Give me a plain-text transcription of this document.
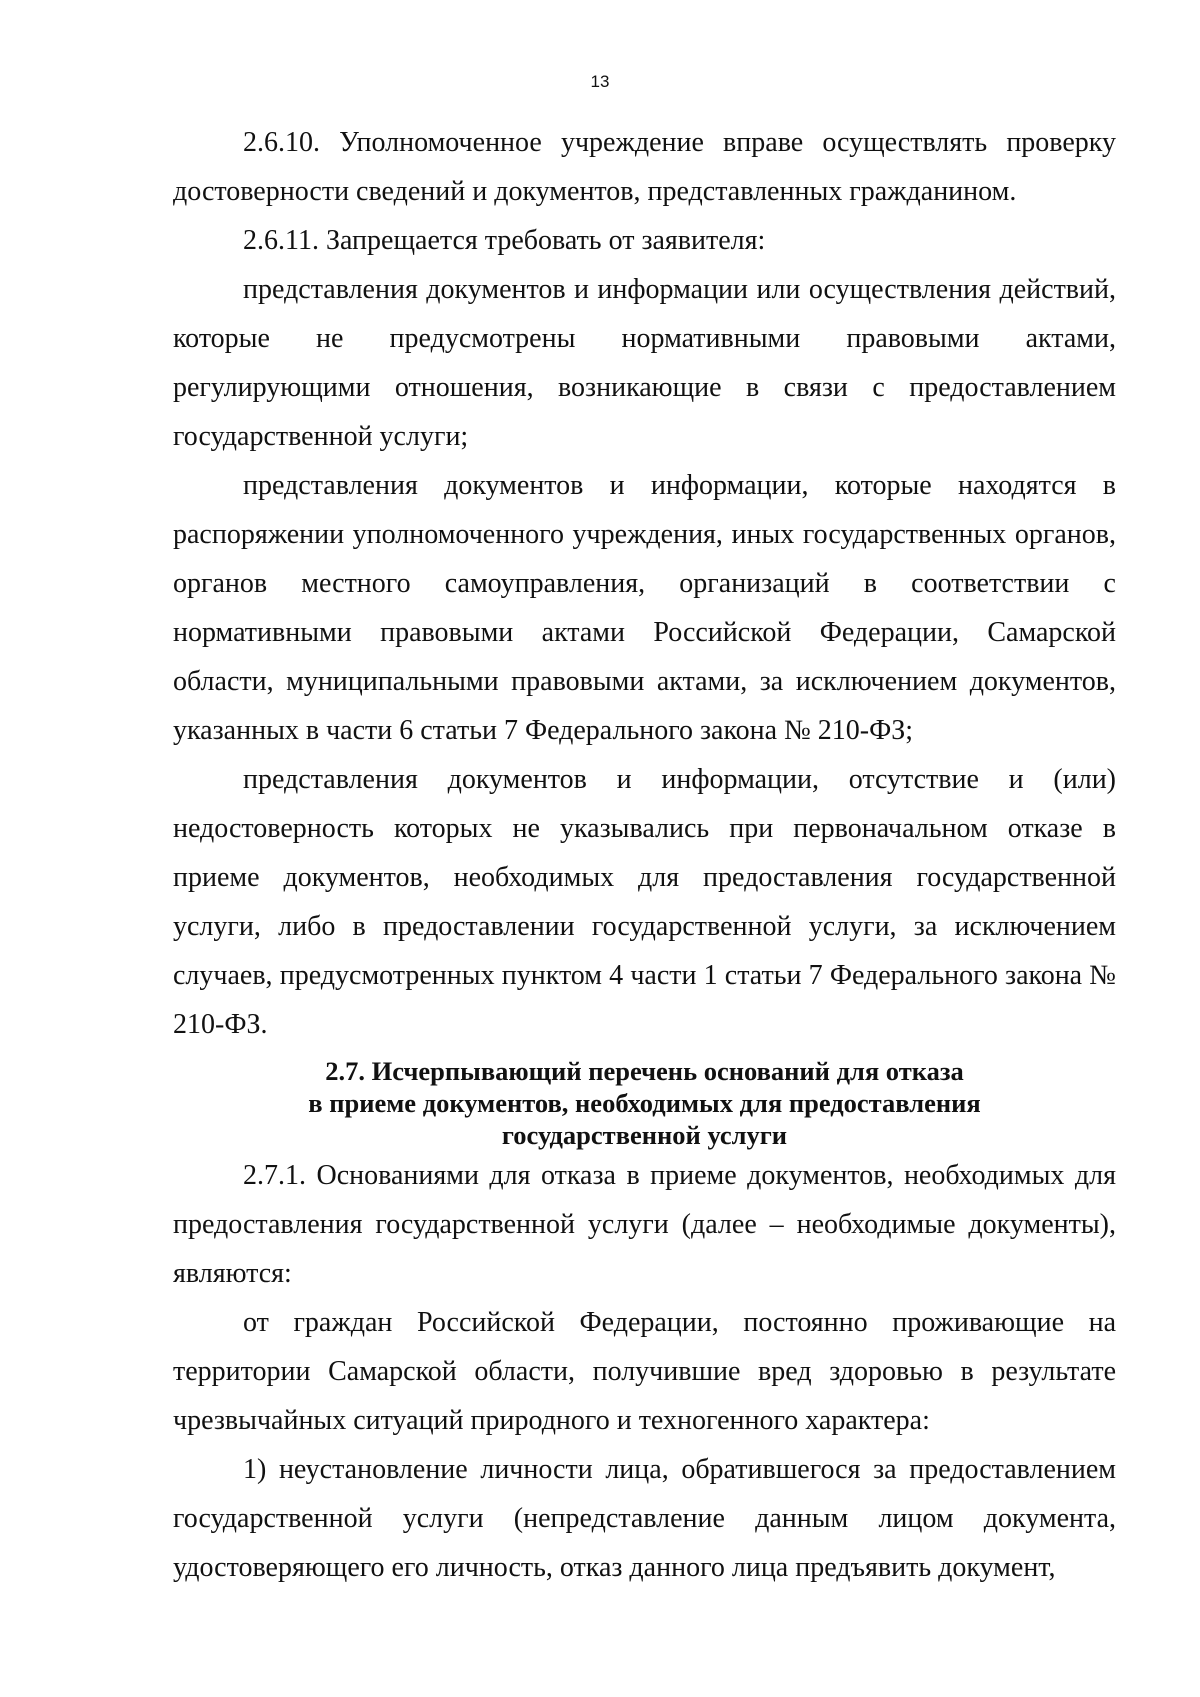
13

2.6.10. Уполномоченное учреждение вправе осуществлять проверку достоверности сведений и документов, представленных гражданином.

2.6.11. Запрещается требовать от заявителя:

представления документов и информации или осуществления действий, которые не предусмотрены нормативными правовыми актами, регулирующими отношения, возникающие в связи с предоставлением государственной услуги;

представления документов и информации, которые находятся в распоряжении уполномоченного учреждения, иных государственных органов, органов местного самоуправления, организаций в соответствии с нормативными правовыми актами Российской Федерации, Самарской области, муниципальными правовыми актами, за исключением документов, указанных в части 6 статьи 7 Федерального закона № 210-ФЗ;

представления документов и информации, отсутствие и (или) недостоверность которых не указывались при первоначальном отказе в приеме документов, необходимых для предоставления государственной услуги, либо в предоставлении государственной услуги, за исключением случаев, предусмотренных пунктом 4 части 1 статьи 7 Федерального закона № 210-ФЗ.

2.7. Исчерпывающий перечень оснований для отказа
в приеме документов, необходимых для предоставления
государственной услуги

2.7.1. Основаниями для отказа в приеме документов, необходимых для предоставления государственной услуги (далее – необходимые документы), являются:

от граждан Российской Федерации, постоянно проживающие на территории Самарской области, получившие вред здоровью в результате чрезвычайных ситуаций природного и техногенного характера:

1) неустановление личности лица, обратившегося за предоставлением государственной услуги (непредставление данным лицом документа, удостоверяющего его личность, отказ данного лица предъявить документ,
